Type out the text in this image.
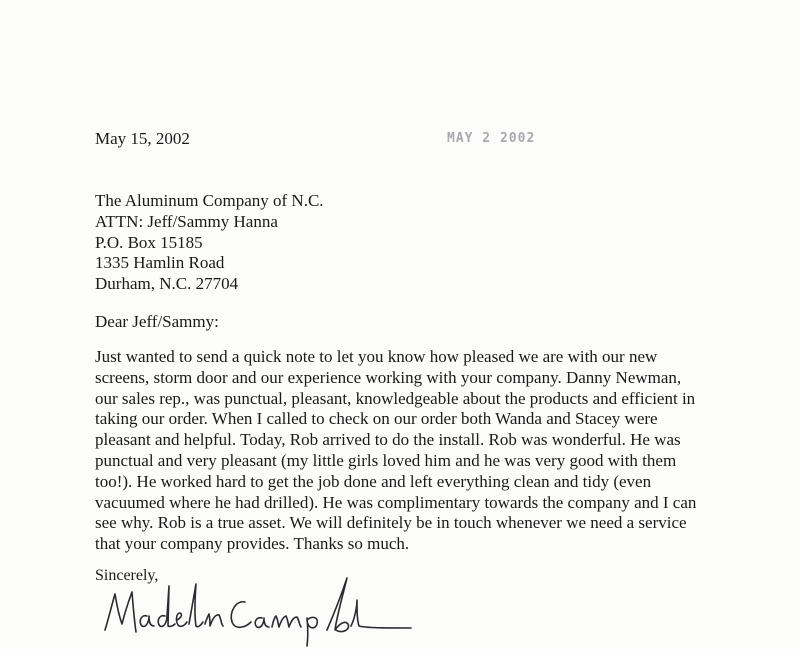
May 15, 2002	MAY 2 2002
The Aluminum Company of N.C.
ATTN: Jeff/Sammy Hanna
P.O. Box 15185
1335 Hamlin Road
Durham, N.C. 27704
Dear Jeff/Sammy:
Just wanted to send a quick note to let you know how pleased we are with our new
screens, storm door and our experience working with your company. Danny Newman,
our sales rep., was punctual, pleasant, knowledgeable about the products and efficient in
taking our order. When I called to check on our order both Wanda and Stacey were
pleasant and helpful. Today, Rob arrived to do the install. Rob was wonderful. He was
punctual and very pleasant (my little girls loved him and he was very good with them
too!). He worked hard to get the job done and left everything clean and tidy (even
vacuumed where he had drilled). He was complimentary towards the company and I can
see why. Rob is a true asset. We will definitely be in touch whenever we need a service
that your company provides. Thanks so much.
Sincerely,
